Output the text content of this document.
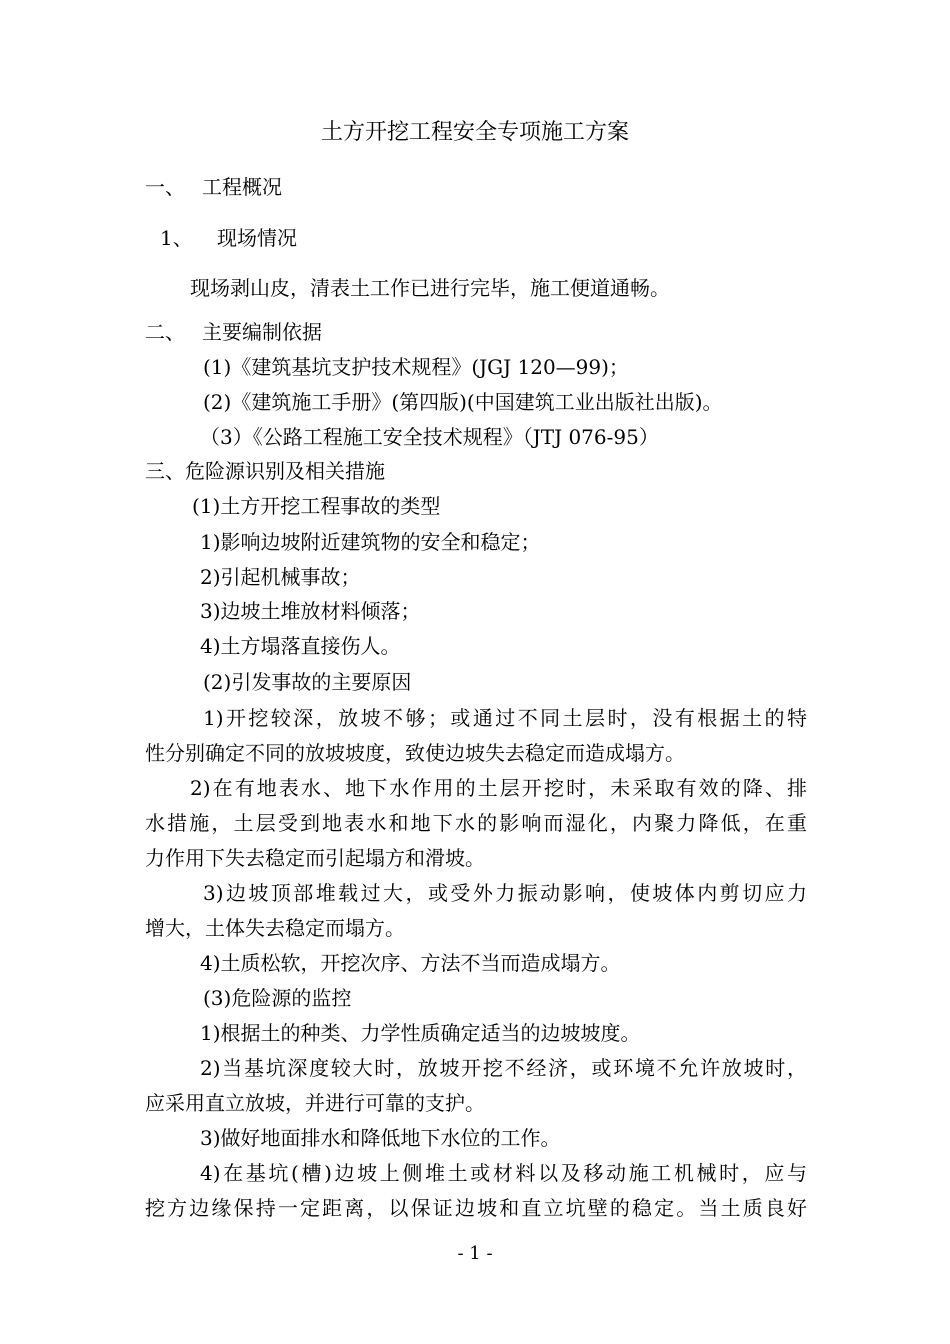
土方开挖工程安全专项施工方案
一、 工程概况
1、 现场情况
现场剥山皮，清表土工作已进行完毕，施工便道通畅。
二、 主要编制依据
(1)《建筑基坑支护技术规程》(JGJ 120—99)；
(2)《建筑施工手册》(第四版)(中国建筑工业出版社出版)。
（3）《公路工程施工安全技术规程》（JTJ 076-95）
三、危险源识别及相关措施
(1)土方开挖工程事故的类型
1)影响边坡附近建筑物的安全和稳定；
2)引起机械事故；
3)边坡土堆放材料倾落；
4)土方塌落直接伤人。
(2)引发事故的主要原因
1)开挖较深，放坡不够；或通过不同土层时，没有根据土的特
性分别确定不同的放坡坡度，致使边坡失去稳定而造成塌方。
2)在有地表水、地下水作用的土层开挖时，未采取有效的降、排
水措施，土层受到地表水和地下水的影响而湿化，内聚力降低，在重
力作用下失去稳定而引起塌方和滑坡。
3)边坡顶部堆载过大，或受外力振动影响，使坡体内剪切应力
增大，土体失去稳定而塌方。
4)土质松软，开挖次序、方法不当而造成塌方。
(3)危险源的监控
1)根据土的种类、力学性质确定适当的边坡坡度。
2)当基坑深度较大时，放坡开挖不经济，或环境不允许放坡时，
应采用直立放坡，并进行可靠的支护。
3)做好地面排水和降低地下水位的工作。
4)在基坑(槽)边坡上侧堆土或材料以及移动施工机械时，应与
挖方边缘保持一定距离，以保证边坡和直立坑壁的稳定。当土质良好
- 1 -
